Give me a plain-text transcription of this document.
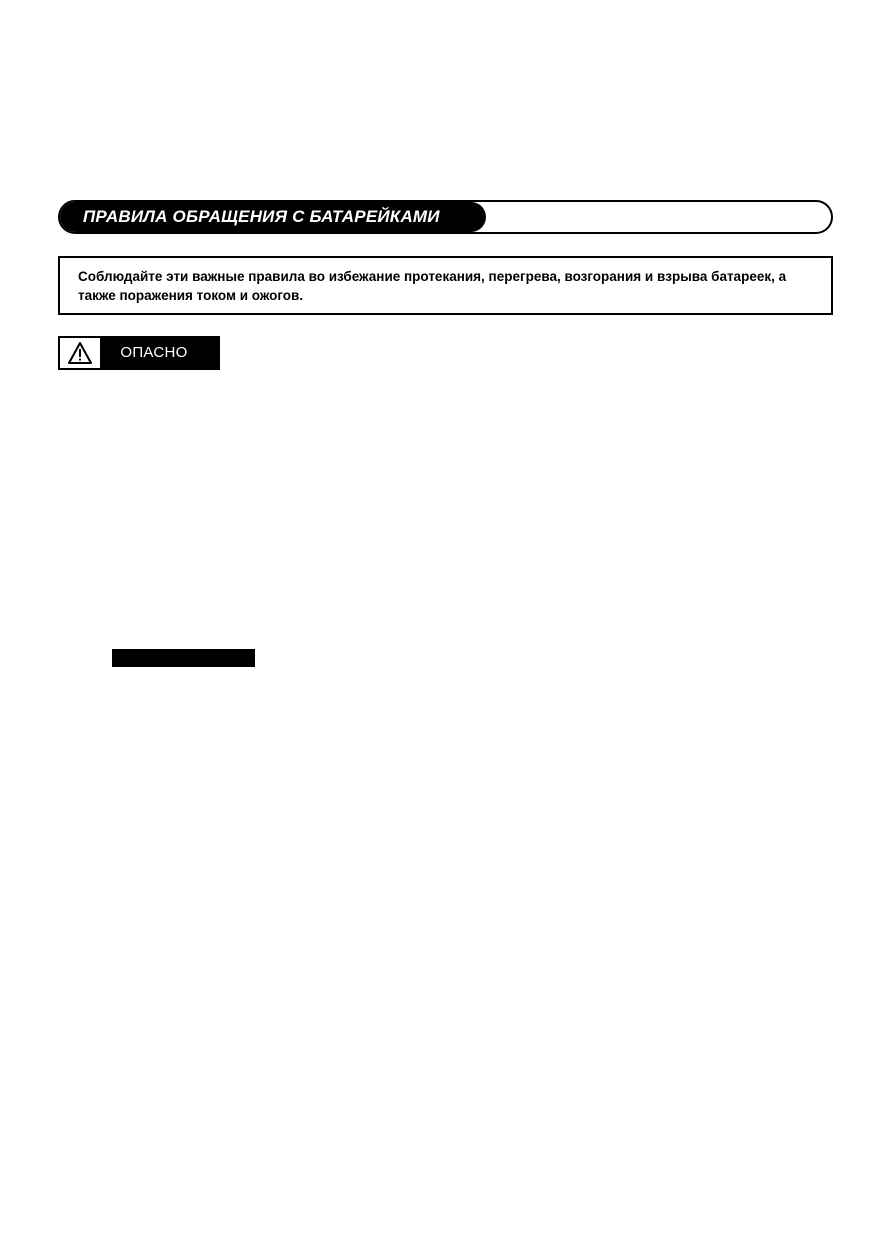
ПРАВИЛА ОБРАЩЕНИЯ С БАТАРЕЙКАМИ
Соблюдайте эти важные правила во избежание протекания, перегрева, возгорания и взрыва батареек, а также поражения током и ожогов.
ОПАСНО
